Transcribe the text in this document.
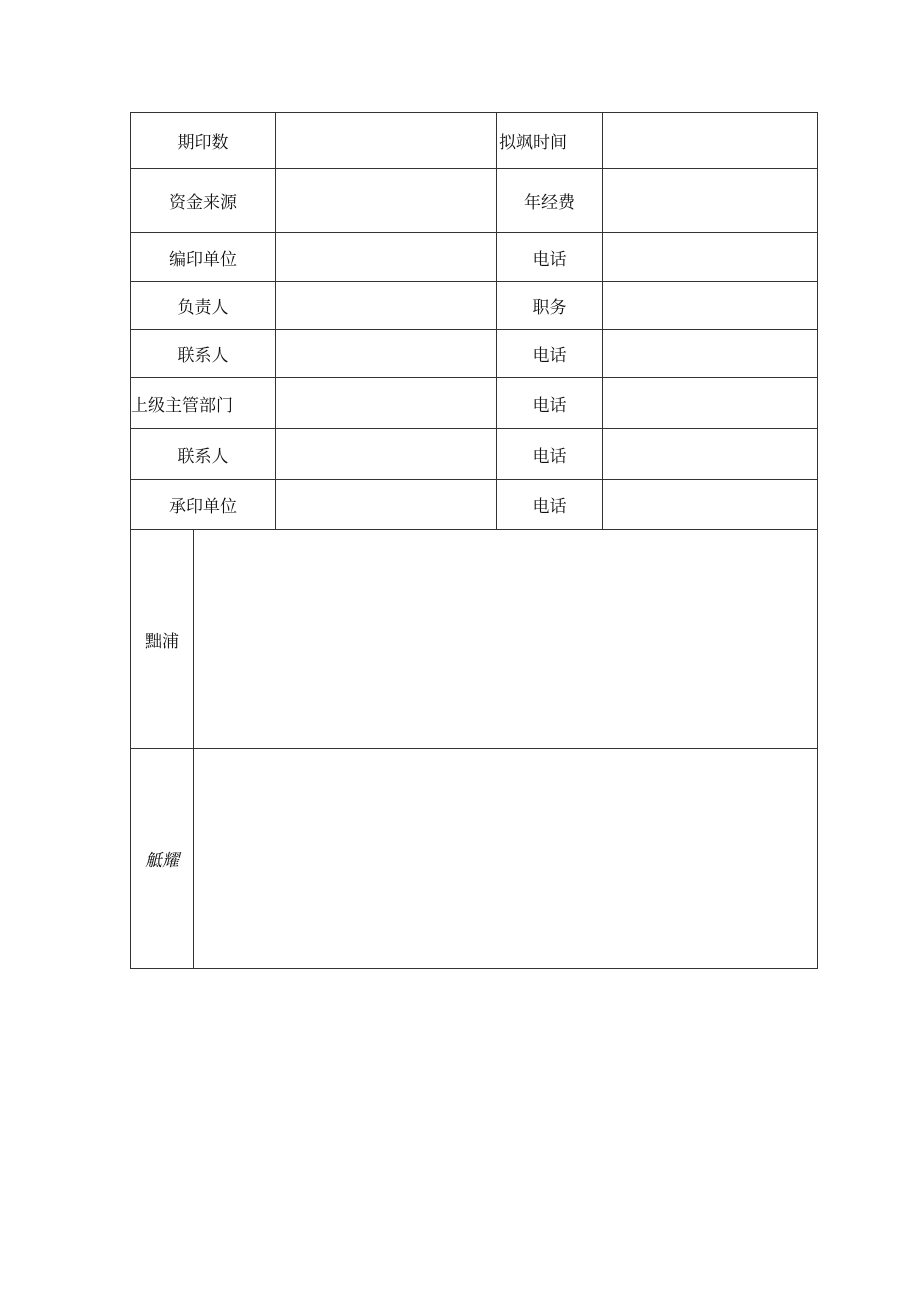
期印数			拟飒时间	
资金来源			年经费	
编印单位			电话	
负责人			职务	
联系人			电话	
上级主管部门			电话	
联系人			电话	
承印单位			电话	
黜浦				
觝耀				
